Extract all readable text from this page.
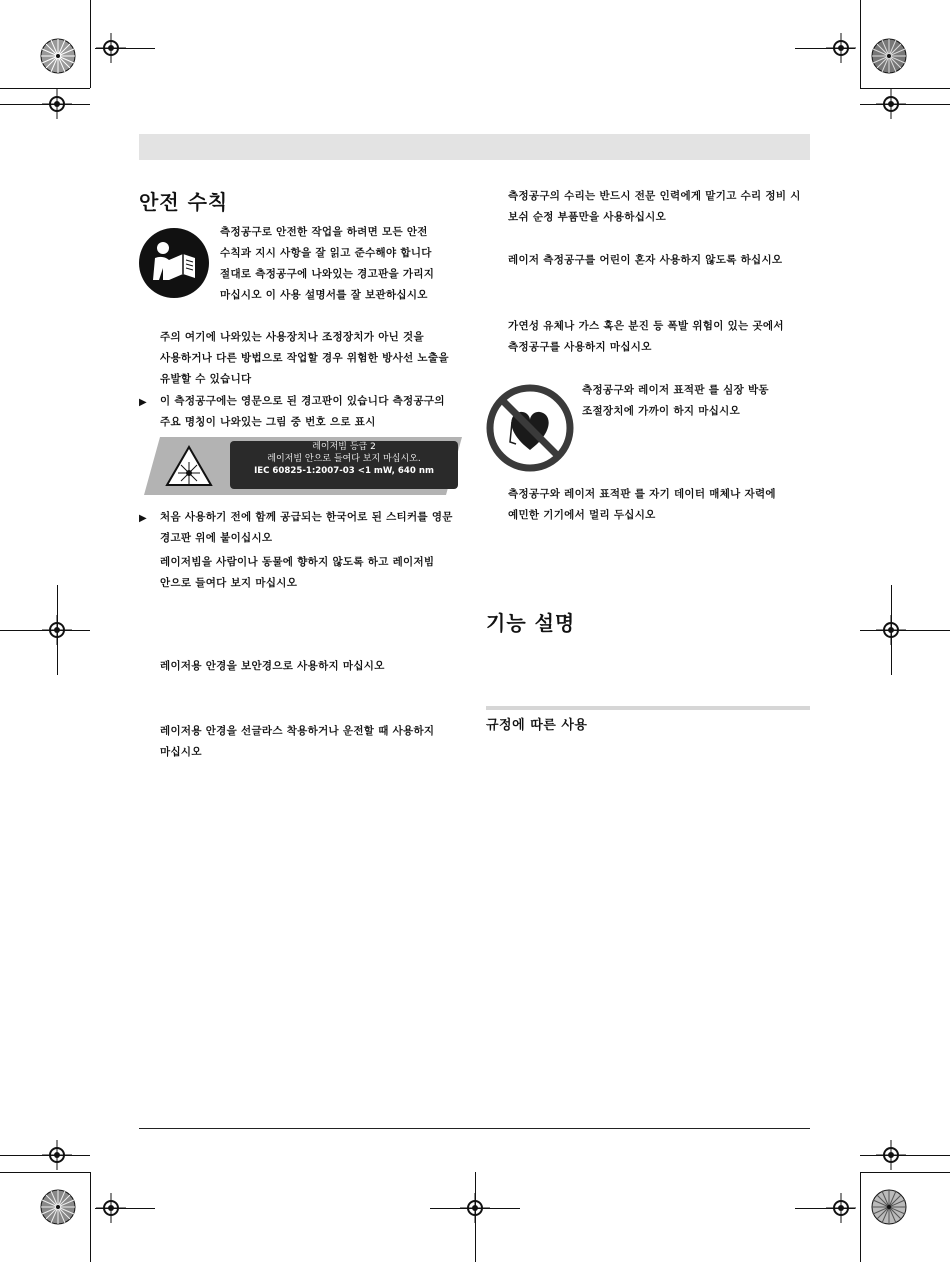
안전 수칙
측정공구로 안전한 작업을 하려면 모든 안전 수칙과 지시 사항을 잘 읽고 준수해야 합니다 절대로 측정공구에 나와있는 경고판을 가리지 마십시오 이 사용 설명서를 잘 보관하십시오
주의 여기에 나와있는 사용장치나 조정장치가 아닌 것을 사용하거나 다른 방법으로 작업할 경우 위험한 방사선 노출을 유발할 수 있습니다
▶ 이 측정공구에는 영문으로 된 경고판이 있습니다 측정공구의 주요 명칭이 나와있는 그림 중 번호 으로 표시
레이저빔 등급 2
레이저빔 안으로 들여다 보지 마십시오.
IEC 60825-1:2007-03 <1 mW, 640 nm
▶ 처음 사용하기 전에 함께 공급되는 한국어로 된 스티커를 영문 경고판 위에 붙이십시오
레이저빔을 사람이나 동물에 향하지 않도록 하고 레이저빔 안으로 들여다 보지 마십시오
레이저용 안경을 보안경으로 사용하지 마십시오
레이저용 안경을 선글라스 착용하거나 운전할 때 사용하지 마십시오
측정공구의 수리는 반드시 전문 인력에게 맡기고 수리 정비 시 보쉬 순정 부품만을 사용하십시오
레이저 측정공구를 어린이 혼자 사용하지 않도록 하십시오
가연성 유체나 가스 혹은 분진 등 폭발 위험이 있는 곳에서 측정공구를 사용하지 마십시오
측정공구와 레이저 표적판 를 심장 박동 조절장치에 가까이 하지 마십시오
측정공구와 레이저 표적판 를 자기 데이터 매체나 자력에 예민한 기기에서 멀리 두십시오
기능 설명
규정에 따른 사용
